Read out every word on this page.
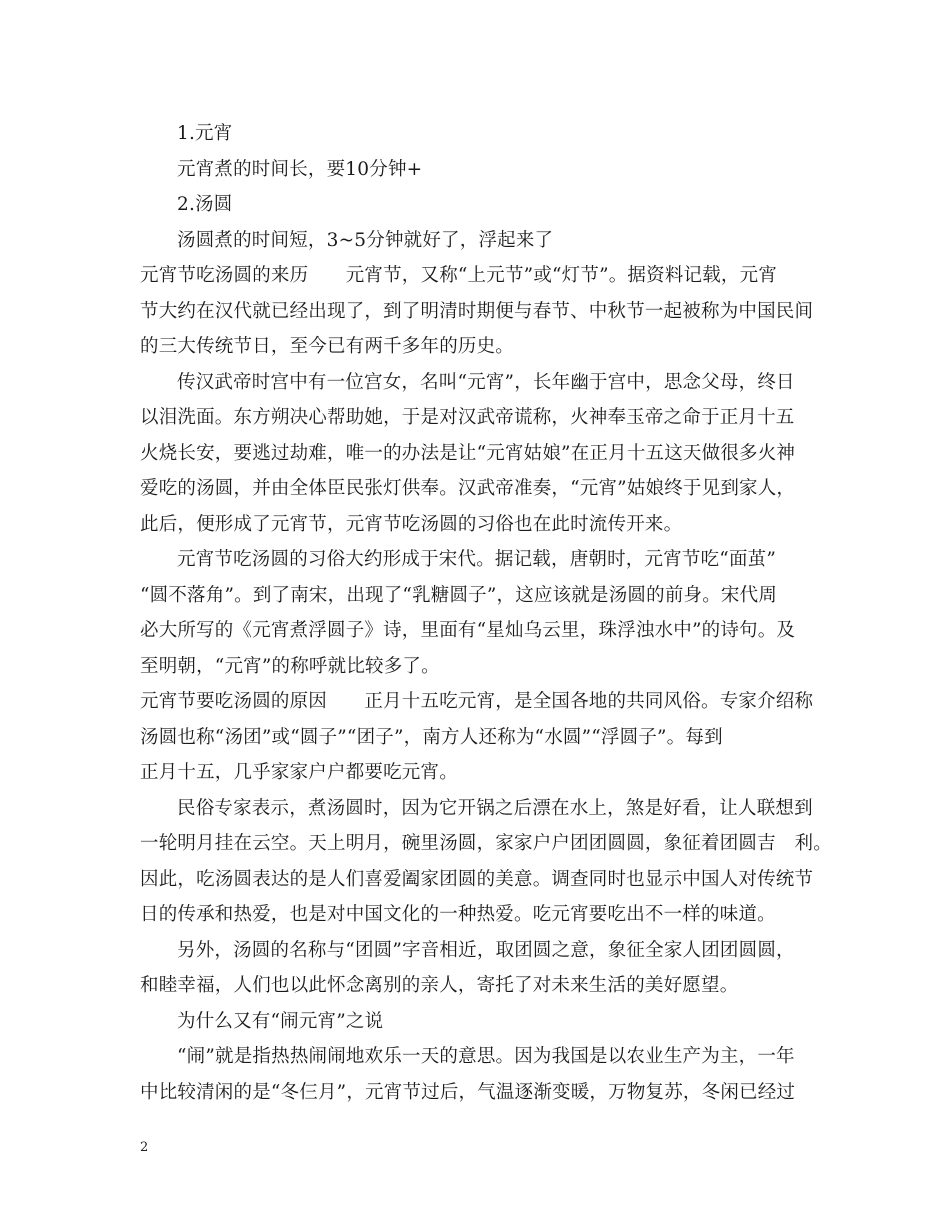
1.元宵
元宵煮的时间长，要10分钟+
2.汤圆
汤圆煮的时间短，3~5分钟就好了，浮起来了
元宵节吃汤圆的来历　　元宵节，又称“上元节”或“灯节”。据资料记载，元宵
节大约在汉代就已经出现了，到了明清时期便与春节、中秋节一起被称为中国民间
的三大传统节日，至今已有两千多年的历史。
传汉武帝时宫中有一位宫女，名叫“元宵”，长年幽于宫中，思念父母，终日
以泪洗面。东方朔决心帮助她，于是对汉武帝谎称，火神奉玉帝之命于正月十五
火烧长安，要逃过劫难，唯一的办法是让“元宵姑娘”在正月十五这天做很多火神
爱吃的汤圆，并由全体臣民张灯供奉。汉武帝准奏，“元宵”姑娘终于见到家人，
此后，便形成了元宵节，元宵节吃汤圆的习俗也在此时流传开来。
元宵节吃汤圆的习俗大约形成于宋代。据记载，唐朝时，元宵节吃“面茧”
“圆不落角”。到了南宋，出现了“乳糖圆子”，这应该就是汤圆的前身。宋代周
必大所写的《元宵煮浮圆子》诗，里面有“星灿乌云里，珠浮浊水中”的诗句。及
至明朝，“元宵”的称呼就比较多了。
元宵节要吃汤圆的原因　　正月十五吃元宵，是全国各地的共同风俗。专家介绍称
汤圆也称“汤团”或“圆子”“团子”，南方人还称为“水圆”“浮圆子”。每到
正月十五，几乎家家户户都要吃元宵。
民俗专家表示，煮汤圆时，因为它开锅之后漂在水上，煞是好看，让人联想到
一轮明月挂在云空。天上明月，碗里汤圆，家家户户团团圆圆，象征着团圆吉　利。
因此，吃汤圆表达的是人们喜爱阖家团圆的美意。调查同时也显示中国人对传统节
日的传承和热爱，也是对中国文化的一种热爱。吃元宵要吃出不一样的味道。
另外，汤圆的名称与“团圆”字音相近，取团圆之意，象征全家人团团圆圆，
和睦幸福，人们也以此怀念离别的亲人，寄托了对未来生活的美好愿望。
为什么又有“闹元宵”之说
“闹”就是指热热闹闹地欢乐一天的意思。因为我国是以农业生产为主，一年
中比较清闲的是“冬仨月”，元宵节过后，气温逐渐变暖，万物复苏，冬闲已经过
2
